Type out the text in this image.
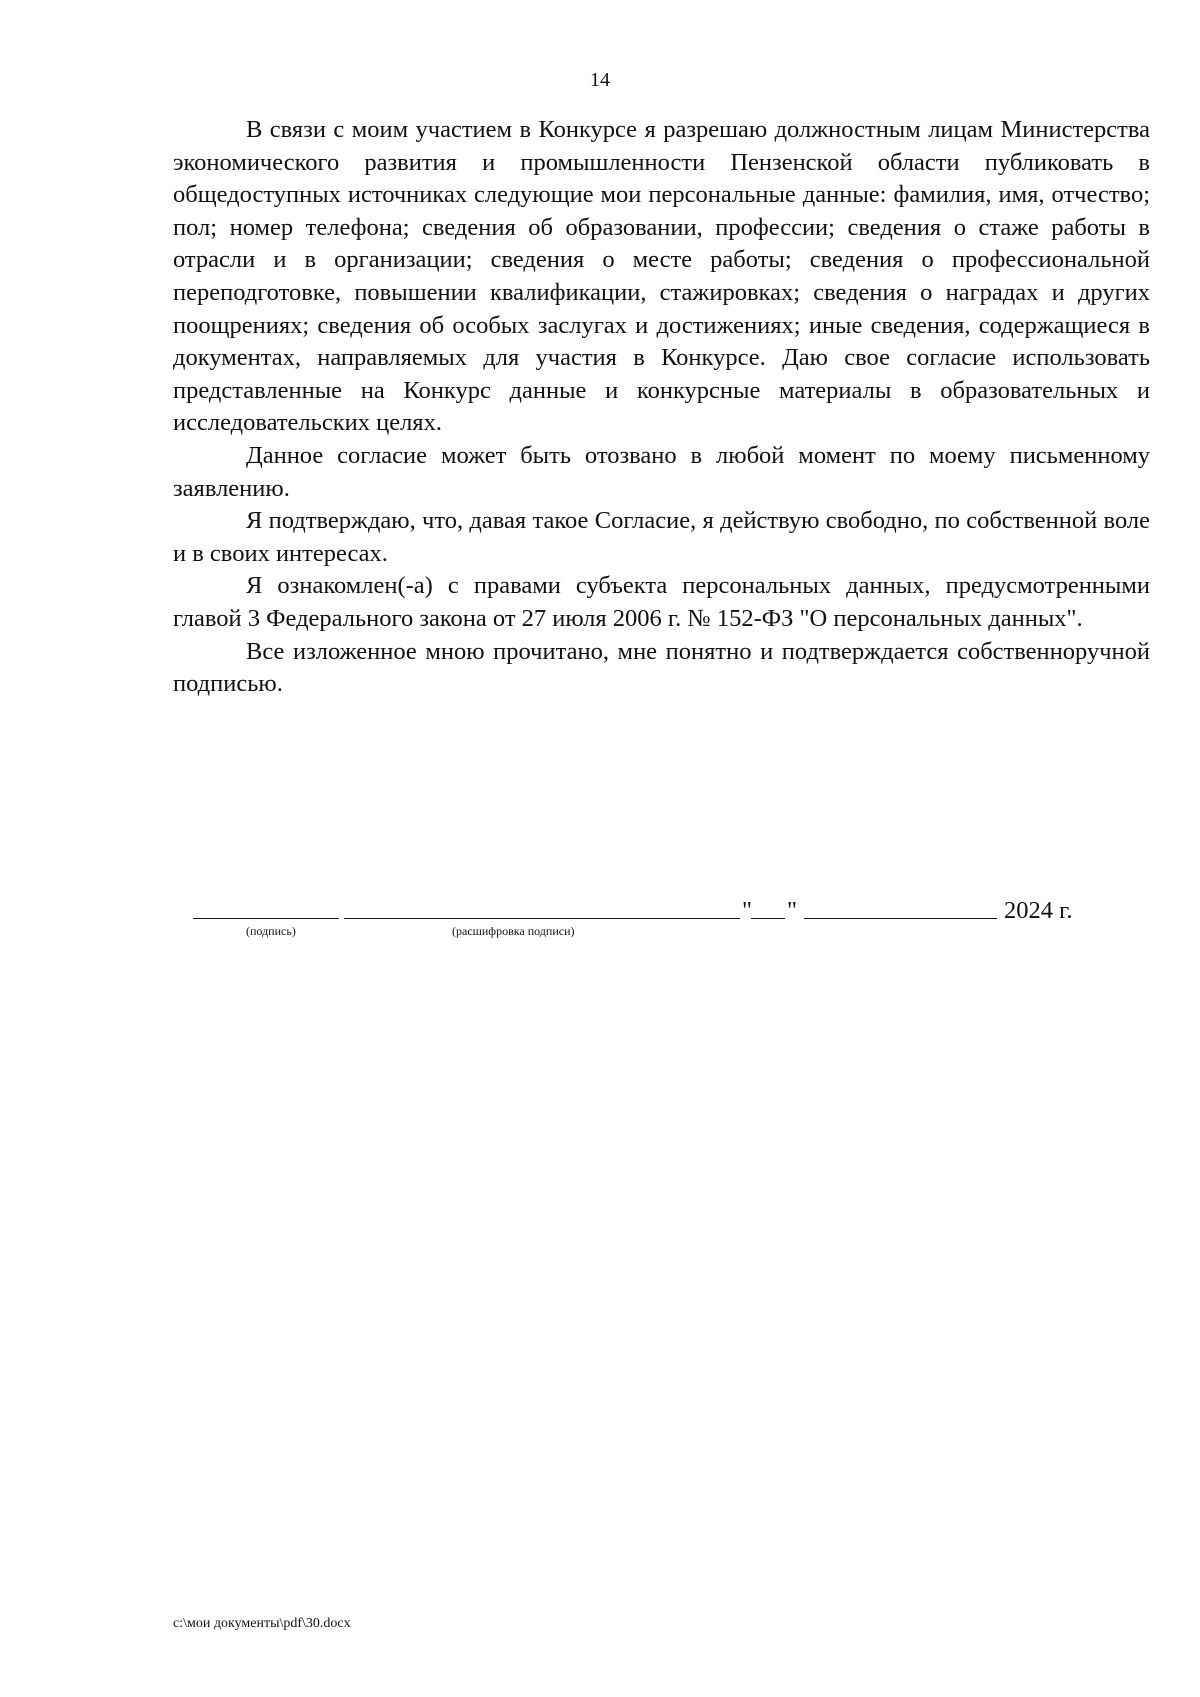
14

В связи с моим участием в Конкурсе я разрешаю должностным лицам Министерства экономического развития и промышленности Пензенской области публиковать в общедоступных источниках следующие мои персональные данные: фамилия, имя, отчество; пол; номер телефона; сведения об образовании, профессии; сведения о стаже работы в отрасли и в организации; сведения о месте работы; сведения о профессиональной переподготовке, повышении квалификации, стажировках; сведения о наградах и других поощрениях; сведения об особых заслугах и достижениях; иные сведения, содержащиеся в документах, направляемых для участия в Конкурсе. Даю свое согласие использовать представленные на Конкурс данные и конкурсные материалы в образовательных и исследовательских целях.

Данное согласие может быть отозвано в любой момент по моему письменному заявлению.

Я подтверждаю, что, давая такое Согласие, я действую свободно, по собственной воле и в своих интересах.

Я ознакомлен(-а) с правами субъекта персональных данных, предусмотренными главой 3 Федерального закона от 27 июля 2006 г. № 152-ФЗ "О персональных данных".

Все изложенное мною прочитано, мне понятно и подтверждается собственноручной подписью.

" "	2024 г.
(подпись)	(расшифровка подписи)
c:\мои документы\pdf\30.docx
